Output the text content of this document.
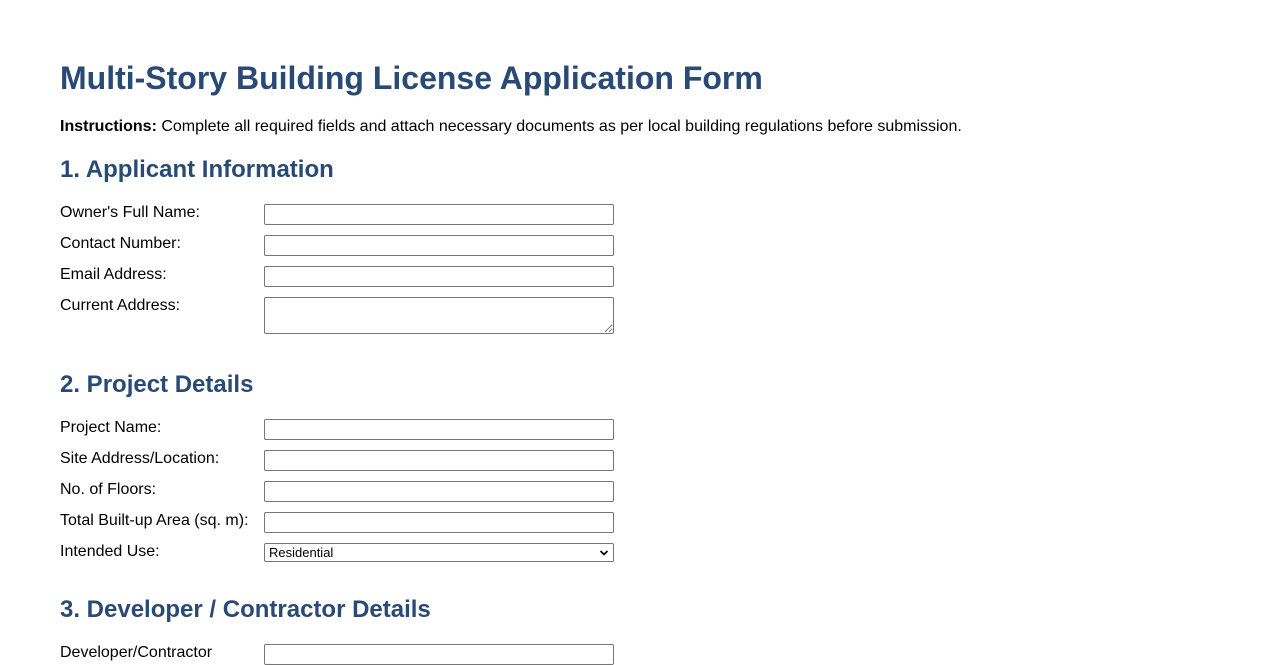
Multi-Story Building License Application Form

Instructions: Complete all required fields and attach necessary documents as per local building regulations before submission.

1. Applicant Information
Owner's Full Name:
Contact Number:
Email Address:
Current Address:
2. Project Details
Project Name:
Site Address/Location:
No. of Floors:
Total Built-up Area (sq. m):
Intended Use:	Residential
3. Developer / Contractor Details
Developer/Contractor
